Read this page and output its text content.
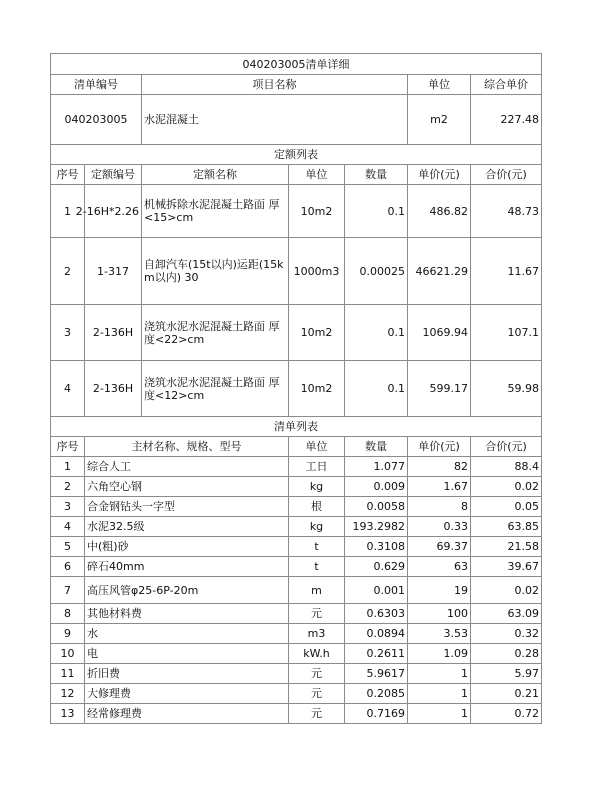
040203005清单详细						
清单编号		项目名称			单位	综合单价
040203005		水泥混凝土			m2	227.48
定额列表						
序号	定额编号	定额名称	单位	数量	单价(元)	合价(元)
1	2-16H*2.26	机械拆除水泥混凝土路面 厚<15>cm	10m2	0.1	486.82	48.73
2	1-317	自卸汽车(15t以内)运距(15km以内) 30	1000m3	0.00025	46621.29	11.67
3	2-136H	浇筑水泥水泥混凝土路面 厚度<22>cm	10m2	0.1	1069.94	107.1
4	2-136H	浇筑水泥水泥混凝土路面 厚度<12>cm	10m2	0.1	599.17	59.98
清单列表						
序号	主材名称、规格、型号		单位	数量	单价(元)	合价(元)
1	综合人工		工日	1.077	82	88.4
2	六角空心钢		kg	0.009	1.67	0.02
3	合金钢钻头一字型		根	0.0058	8	0.05
4	水泥32.5级		kg	193.2982	0.33	63.85
5	中(粗)砂		t	0.3108	69.37	21.58
6	碎石40mm		t	0.629	63	39.67
7	高压风管φ25-6P-20m		m	0.001	19	0.02
8	其他材料费		元	0.6303	100	63.09
9	水		m3	0.0894	3.53	0.32
10	电		kW.h	0.2611	1.09	0.28
11	折旧费		元	5.9617	1	5.97
12	大修理费		元	0.2085	1	0.21
13	经常修理费		元	0.7169	1	0.72
